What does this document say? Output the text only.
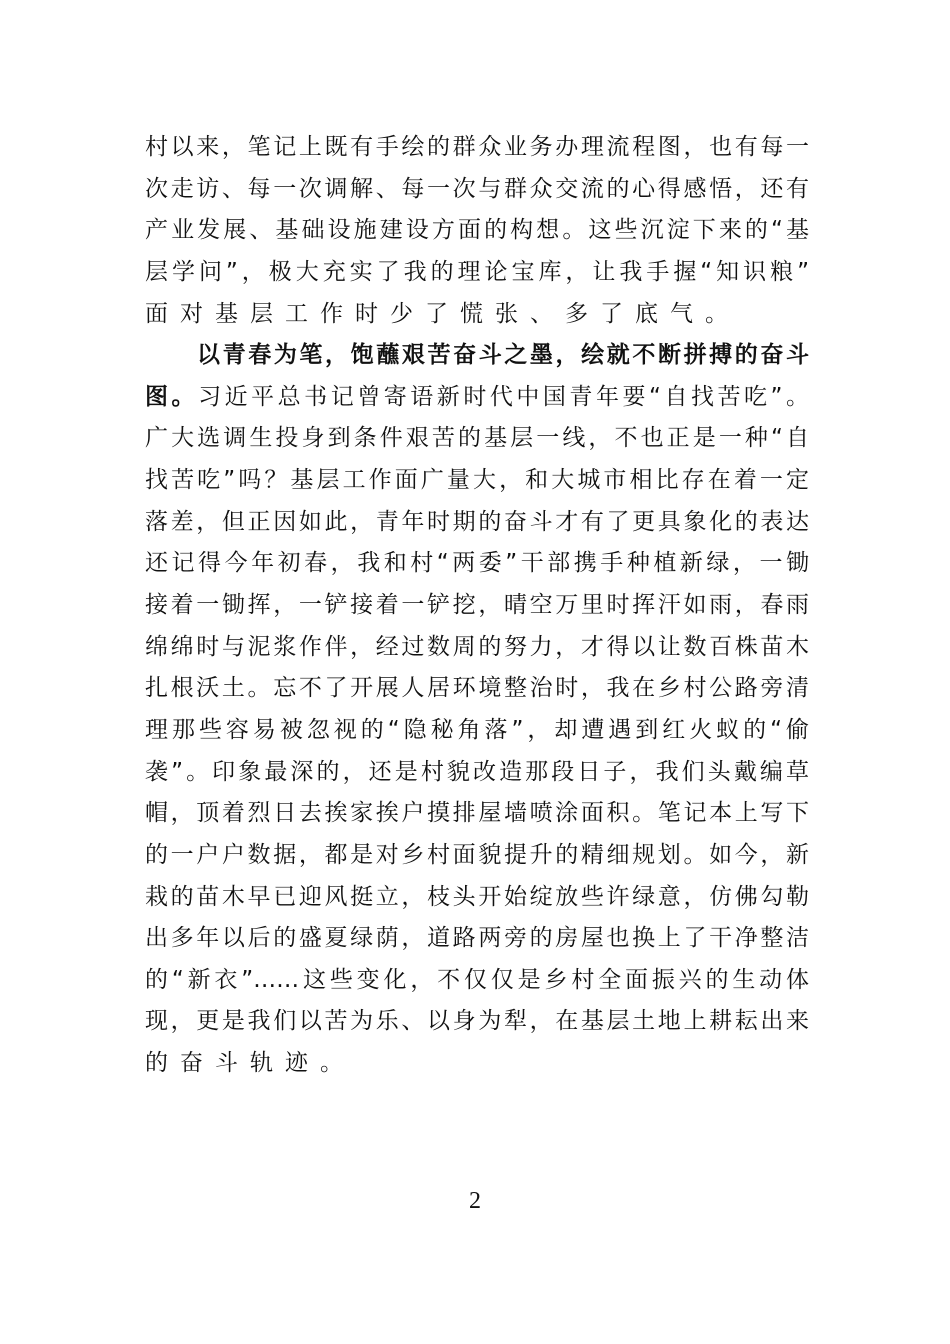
村以来，笔记上既有手绘的群众业务办理流程图，也有每一
次走访、每一次调解、每一次与群众交流的心得感悟，还有
产业发展、基础设施建设方面的构想。这些沉淀下来的“基
层学问”，极大充实了我的理论宝库，让我手握“知识粮”
面对基层工作时少了慌张、多了底气。
以青春为笔，饱蘸艰苦奋斗之墨，绘就不断拼搏的奋斗
图。习近平总书记曾寄语新时代中国青年要“自找苦吃”。
广大选调生投身到条件艰苦的基层一线，不也正是一种“自
找苦吃”吗？基层工作面广量大，和大城市相比存在着一定
落差，但正因如此，青年时期的奋斗才有了更具象化的表达
还记得今年初春，我和村“两委”干部携手种植新绿，一锄
接着一锄挥，一铲接着一铲挖，晴空万里时挥汗如雨，春雨
绵绵时与泥浆作伴，经过数周的努力，才得以让数百株苗木
扎根沃土。忘不了开展人居环境整治时，我在乡村公路旁清
理那些容易被忽视的“隐秘角落”，却遭遇到红火蚁的“偷
袭”。印象最深的，还是村貌改造那段日子，我们头戴编草
帽，顶着烈日去挨家挨户摸排屋墙喷涂面积。笔记本上写下
的一户户数据，都是对乡村面貌提升的精细规划。如今，新
栽的苗木早已迎风挺立，枝头开始绽放些许绿意，仿佛勾勒
出多年以后的盛夏绿荫，道路两旁的房屋也换上了干净整洁
的“新衣”……这些变化，不仅仅是乡村全面振兴的生动体
现，更是我们以苦为乐、以身为犁，在基层土地上耕耘出来
的奋斗轨迹。
2
